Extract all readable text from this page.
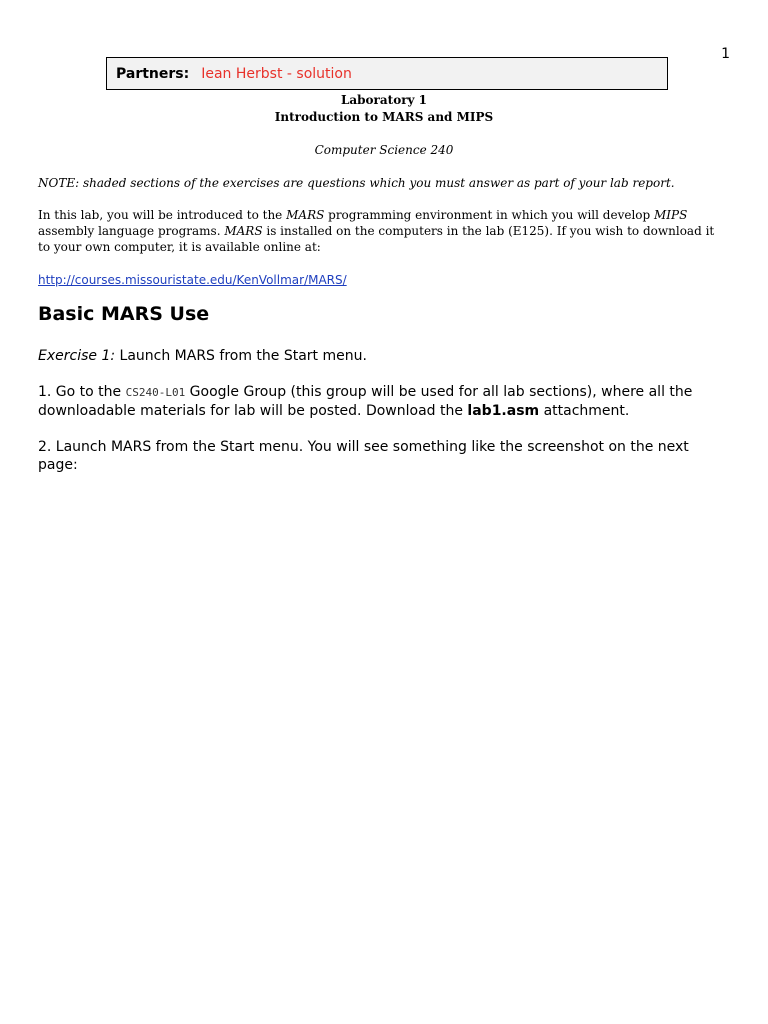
1
Partners: Iean Herbst - solution

Laboratory 1

Introduction to MARS and MIPS

Computer Science 240

NOTE: shaded sections of the exercises are questions which you must answer as part of your lab report.

In this lab, you will be introduced to the MARS programming environment in which you will develop MIPS assembly language programs. MARS is installed on the computers in the lab (E125). If you wish to download it to your own computer, it is available online at:

http://courses.missouristate.edu/KenVollmar/MARS/
Basic MARS Use

Exercise 1: Launch MARS from the Start menu.

1. Go to the CS240-L01 Google Group (this group will be used for all lab sections), where all the downloadable materials for lab will be posted. Download the lab1.asm attachment.

2. Launch MARS from the Start menu. You will see something like the screenshot on the next page:
